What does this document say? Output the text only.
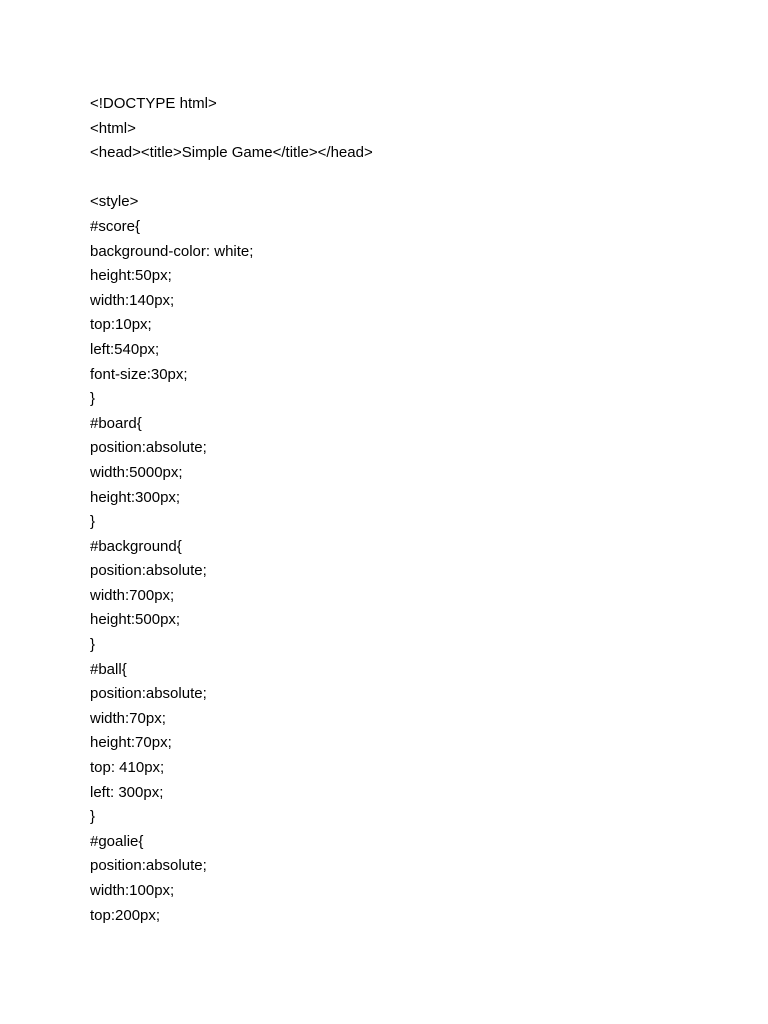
<!DOCTYPE html>
<html>
<head><title>Simple Game</title></head>
<style>
#score{
background-color: white;
height:50px;
width:140px;
top:10px;
left:540px;
font-size:30px;
}
#board{
position:absolute;
width:5000px;
height:300px;
}
#background{
position:absolute;
width:700px;
height:500px;
}
#ball{
position:absolute;
width:70px;
height:70px;
top: 410px;
left: 300px;
}
#goalie{
position:absolute;
width:100px;
top:200px;
